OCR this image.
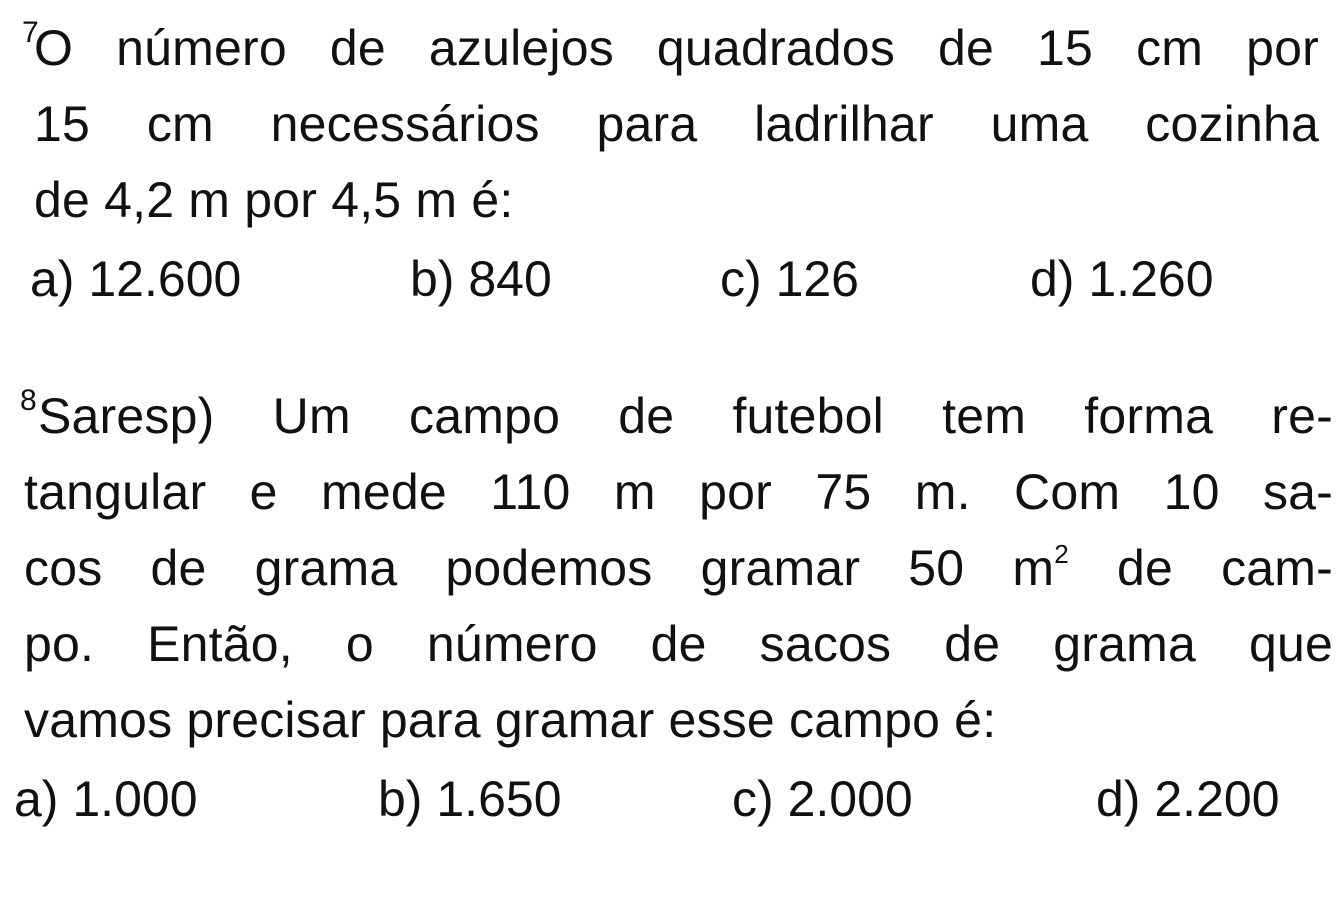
7
O número de azulejos quadrados de 15 cm por
15 cm necessários para ladrilhar uma cozinha
de 4,2 m por 4,5 m é:
a) 12.600	b) 840	c) 126	d) 1.260
8 Saresp) Um campo de futebol tem forma re-
tangular e mede 110 m por 75 m. Com 10 sa-
cos de grama podemos gramar 50 $m^2$ de cam-
po. Então, o número de sacos de grama que
vamos precisar para gramar esse campo é:
a) 1.000	b) 1.650	c) 2.000	d) 2.200
